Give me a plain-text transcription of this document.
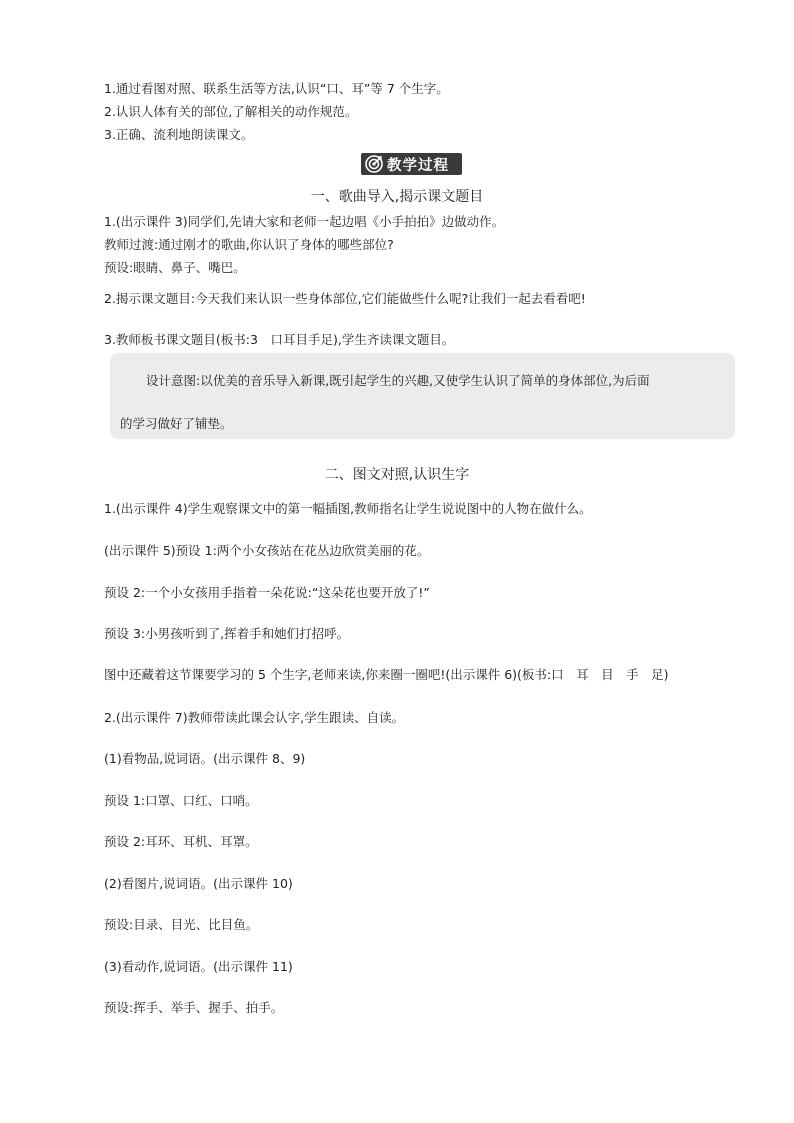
1.通过看图对照、联系生活等方法,认识“口、耳”等 7 个生字。
2.认识人体有关的部位,了解相关的动作规范。
3.正确、流利地朗读课文。
教学过程
一、歌曲导入,揭示课文题目
1.(出示课件 3)同学们,先请大家和老师一起边唱《小手拍拍》边做动作。
教师过渡:通过刚才的歌曲,你认识了身体的哪些部位?
预设:眼睛、鼻子、嘴巴。
2.揭示课文题目:今天我们来认识一些身体部位,它们能做些什么呢?让我们一起去看看吧!
3.教师板书课文题目(板书:3　口耳目手足),学生齐读课文题目。
设计意图:以优美的音乐导入新课,既引起学生的兴趣,又使学生认识了简单的身体部位,为后面
的学习做好了铺垫。
二、图文对照,认识生字
1.(出示课件 4)学生观察课文中的第一幅插图,教师指名让学生说说图中的人物在做什么。
(出示课件 5)预设 1:两个小女孩站在花丛边欣赏美丽的花。
预设 2:一个小女孩用手指着一朵花说:“这朵花也要开放了!”
预设 3:小男孩听到了,挥着手和她们打招呼。
图中还藏着这节课要学习的 5 个生字,老师来读,你来圈一圈吧!(出示课件 6)(板书:口　耳　目　手　足)
2.(出示课件 7)教师带读此课会认字,学生跟读、自读。
(1)看物品,说词语。(出示课件 8、9)
预设 1:口罩、口红、口哨。
预设 2:耳环、耳机、耳罩。
(2)看图片,说词语。(出示课件 10)
预设:目录、目光、比目鱼。
(3)看动作,说词语。(出示课件 11)
预设:挥手、举手、握手、拍手。
